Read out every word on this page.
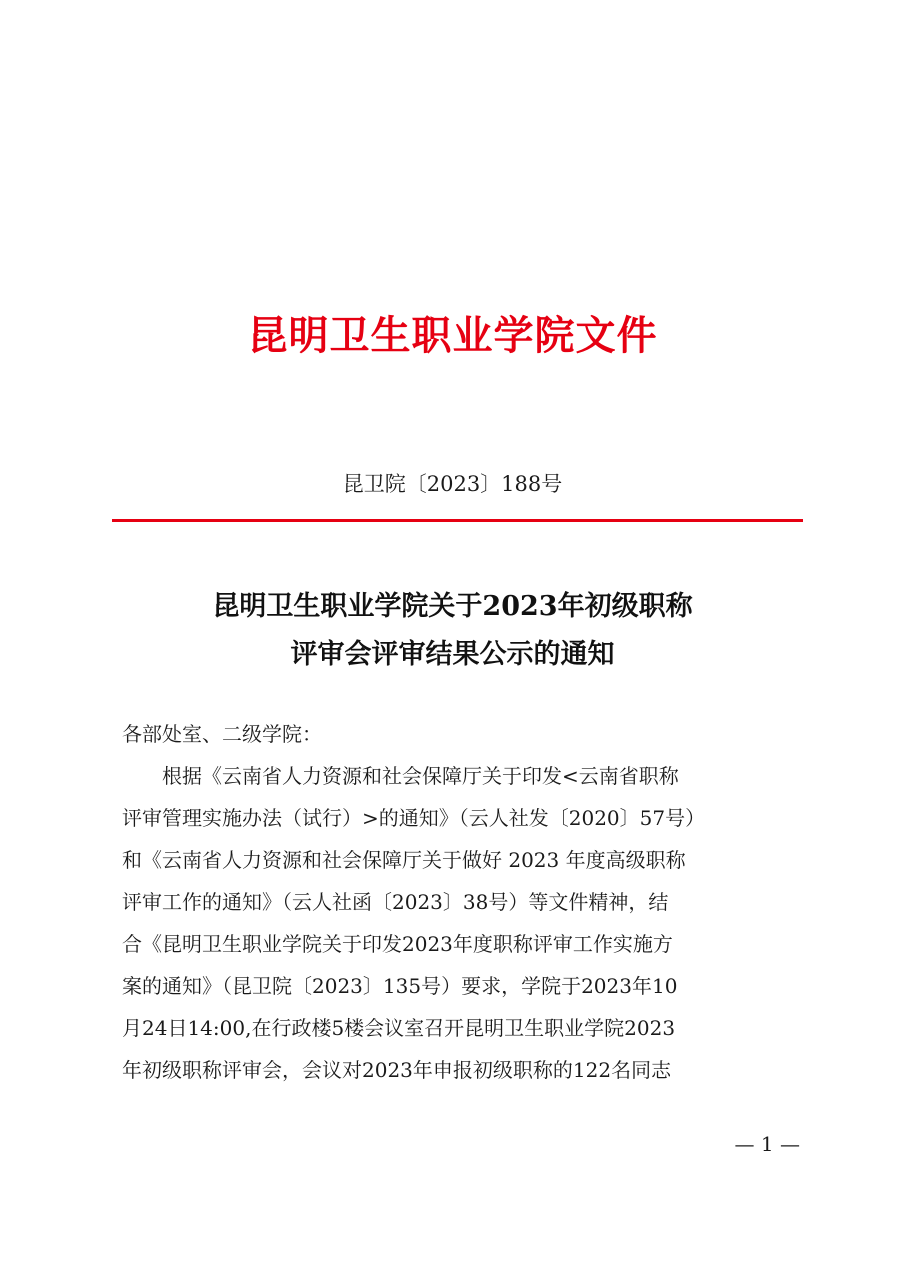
昆明卫生职业学院文件
昆卫院〔2023〕188号
昆明卫生职业学院关于2023年初级职称
评审会评审结果公示的通知
各部处室、二级学院：
根据《云南省人力资源和社会保障厅关于印发<云南省职称
评审管理实施办法（试行）>的通知》（云人社发〔2020〕57号）
和《云南省人力资源和社会保障厅关于做好 2023 年度高级职称
评审工作的通知》（云人社函〔2023〕38号）等文件精神，结
合《昆明卫生职业学院关于印发2023年度职称评审工作实施方
案的通知》（昆卫院〔2023〕135号）要求，学院于2023年10
月24日14:00,在行政楼5楼会议室召开昆明卫生职业学院2023
年初级职称评审会，会议对2023年申报初级职称的122名同志
— 1 —
